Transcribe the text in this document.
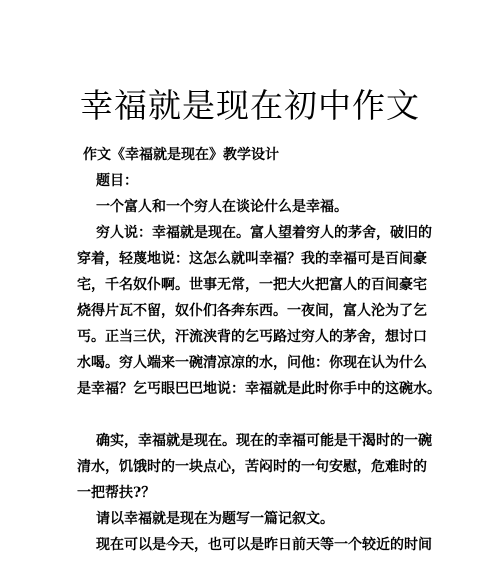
幸福就是现在初中作文
作文《幸福就是现在》教学设计
题目：
一个富人和一个穷人在谈论什么是幸福。
穷人说：幸福就是现在。富人望着穷人的茅舍，破旧的
穿着，轻蔑地说：这怎么就叫幸福？我的幸福可是百间豪
宅，千名奴仆啊。世事无常，一把大火把富人的百间豪宅
烧得片瓦不留，奴仆们各奔东西。一夜间，富人沦为了乞
丐。正当三伏，汗流浃背的乞丐路过穷人的茅舍，想讨口
水喝。穷人端来一碗清凉凉的水，问他：你现在认为什么
是幸福？乞丐眼巴巴地说：幸福就是此时你手中的这碗水。
确实，幸福就是现在。现在的幸福可能是干渴时的一碗
清水，饥饿时的一块点心，苦闷时的一句安慰，危难时的
一把帮扶?？
请以幸福就是现在为题写一篇记叙文。
现在可以是今天，也可以是昨日前天等一个较近的时间
